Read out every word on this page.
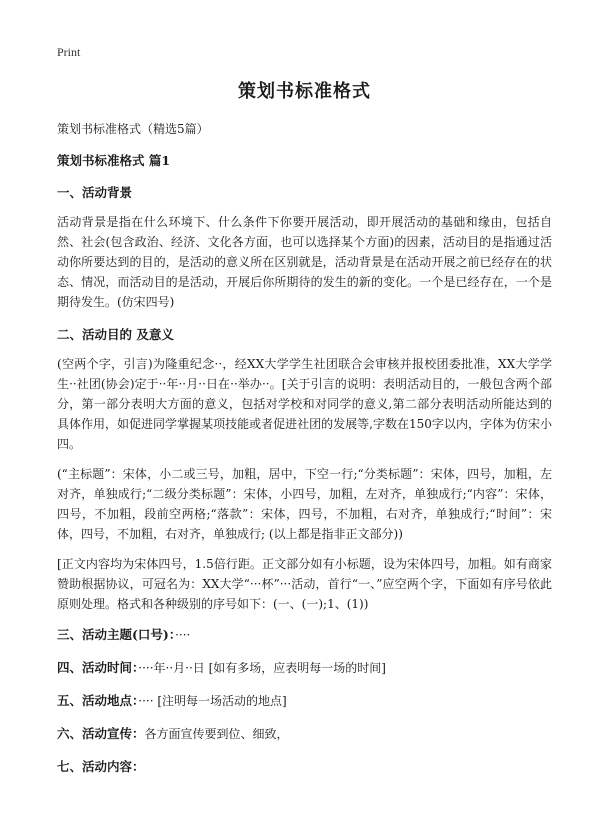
Print

策划书标准格式

策划书标准格式（精选5篇）

策划书标准格式 篇1
一、活动背景

活动背景是指在什么环境下、什么条件下你要开展活动，即开展活动的基础和缘由，包括自然、社会(包含政治、经济、文化各方面，也可以选择某个方面)的因素，活动目的是指通过活动你所要达到的目的，是活动的意义所在区别就是，活动背景是在活动开展之前已经存在的状态、情况，而活动目的是活动，开展后你所期待的发生的新的变化。一个是已经存在，一个是期待发生。(仿宋四号)

二、活动目的 及意义

(空两个字，引言)为隆重纪念··，经XX大学学生社团联合会审核并报校团委批准，XX大学学生··社团(协会)定于··年··月··日在··举办··。[关于引言的说明：表明活动目的，一般包含两个部分，第一部分表明大方面的意义，包括对学校和对同学的意义,第二部分表明活动所能达到的具体作用，如促进同学掌握某项技能或者促进社团的发展等,字数在150字以内，字体为仿宋小四。

(“主标题”：宋体，小二或三号，加粗，居中，下空一行;“分类标题”：宋体，四号，加粗，左对齐，单独成行;“二级分类标题”：宋体，小四号，加粗，左对齐，单独成行;“内容”：宋体，四号，不加粗，段前空两格;“落款”：宋体，四号，不加粗，右对齐，单独成行;“时间”：宋体，四号，不加粗，右对齐，单独成行; (以上都是指非正文部分))

[正文内容均为宋体四号，1.5倍行距。正文部分如有小标题，设为宋体四号，加粗。如有商家赞助根据协议，可冠名为：XX大学“···杯”···活动，首行“一、”应空两个字，下面如有序号依此原则处理。格式和各种级别的序号如下：(一、(一);1、(1))

三、活动主题(口号)：····

四、活动时间：····年··月··日 [如有多场，应表明每一场的时间]

五、活动地点：···· [注明每一场活动的地点]

六、活动宣传：各方面宣传要到位、细致，

七、活动内容：
